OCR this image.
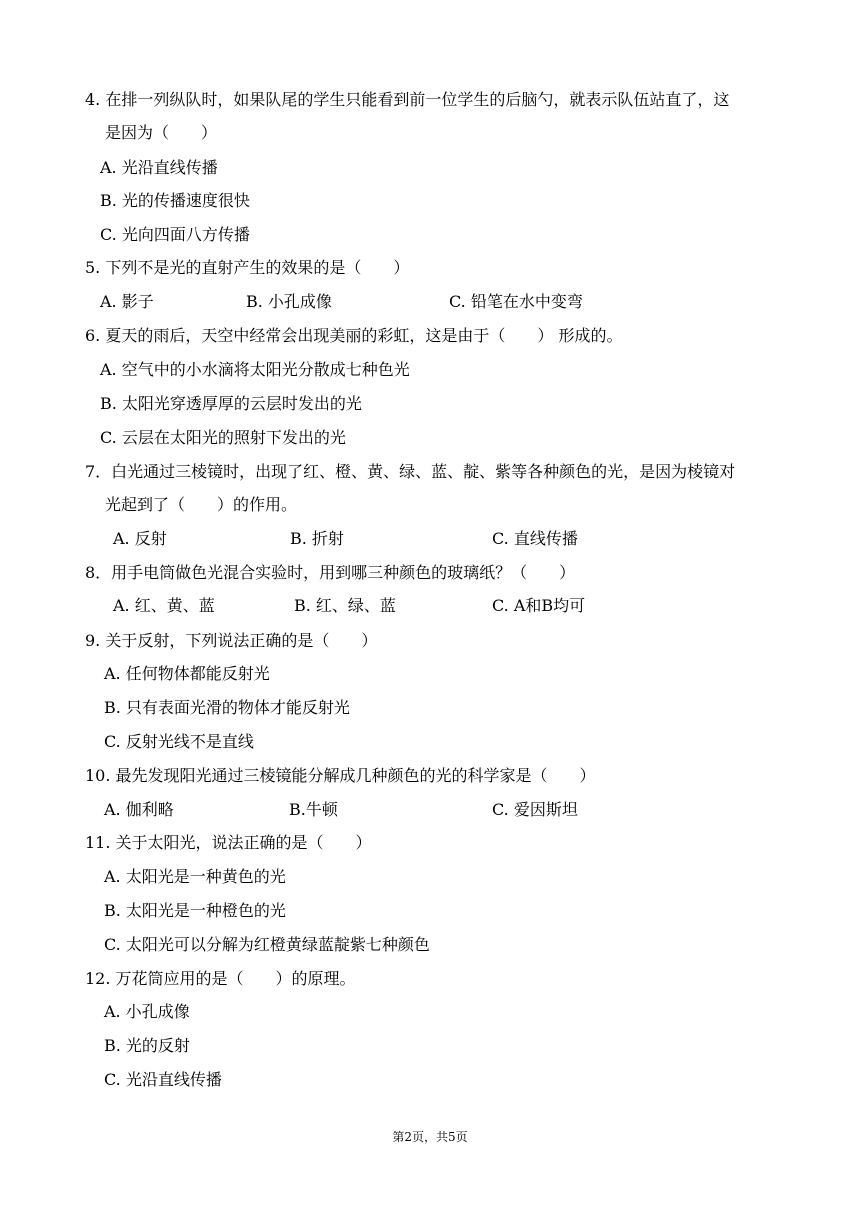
4. 在排一列纵队时，如果队尾的学生只能看到前一位学生的后脑勺，就表示队伍站直了，这
是因为（　　）
A. 光沿直线传播
B. 光的传播速度很快
C. 光向四面八方传播
5. 下列不是光的直射产生的效果的是（　　）
A. 影子	B. 小孔成像	C. 铅笔在水中变弯
6. 夏天的雨后，天空中经常会出现美丽的彩虹，这是由于（　　） 形成的。
A. 空气中的小水滴将太阳光分散成七种色光
B. 太阳光穿透厚厚的云层时发出的光
C. 云层在太阳光的照射下发出的光
7．白光通过三棱镜时，出现了红、橙、黄、绿、蓝、靛、紫等各种颜色的光，是因为棱镜对
光起到了（　　）的作用。
A. 反射	B. 折射	C. 直线传播
8．用手电筒做色光混合实验时，用到哪三种颜色的玻璃纸？（　　）
A. 红、黄、蓝	B. 红、绿、蓝	C. A和B均可
9. 关于反射，下列说法正确的是（　　）
A. 任何物体都能反射光
B. 只有表面光滑的物体才能反射光
C. 反射光线不是直线
10. 最先发现阳光通过三棱镜能分解成几种颜色的光的科学家是（　　）
A. 伽利略	B.牛顿	C. 爱因斯坦
11. 关于太阳光，说法正确的是（　　）
A. 太阳光是一种黄色的光
B. 太阳光是一种橙色的光
C. 太阳光可以分解为红橙黄绿蓝靛紫七种颜色
12. 万花筒应用的是（　　）的原理。
A. 小孔成像
B. 光的反射
C. 光沿直线传播
第2页，共5页
